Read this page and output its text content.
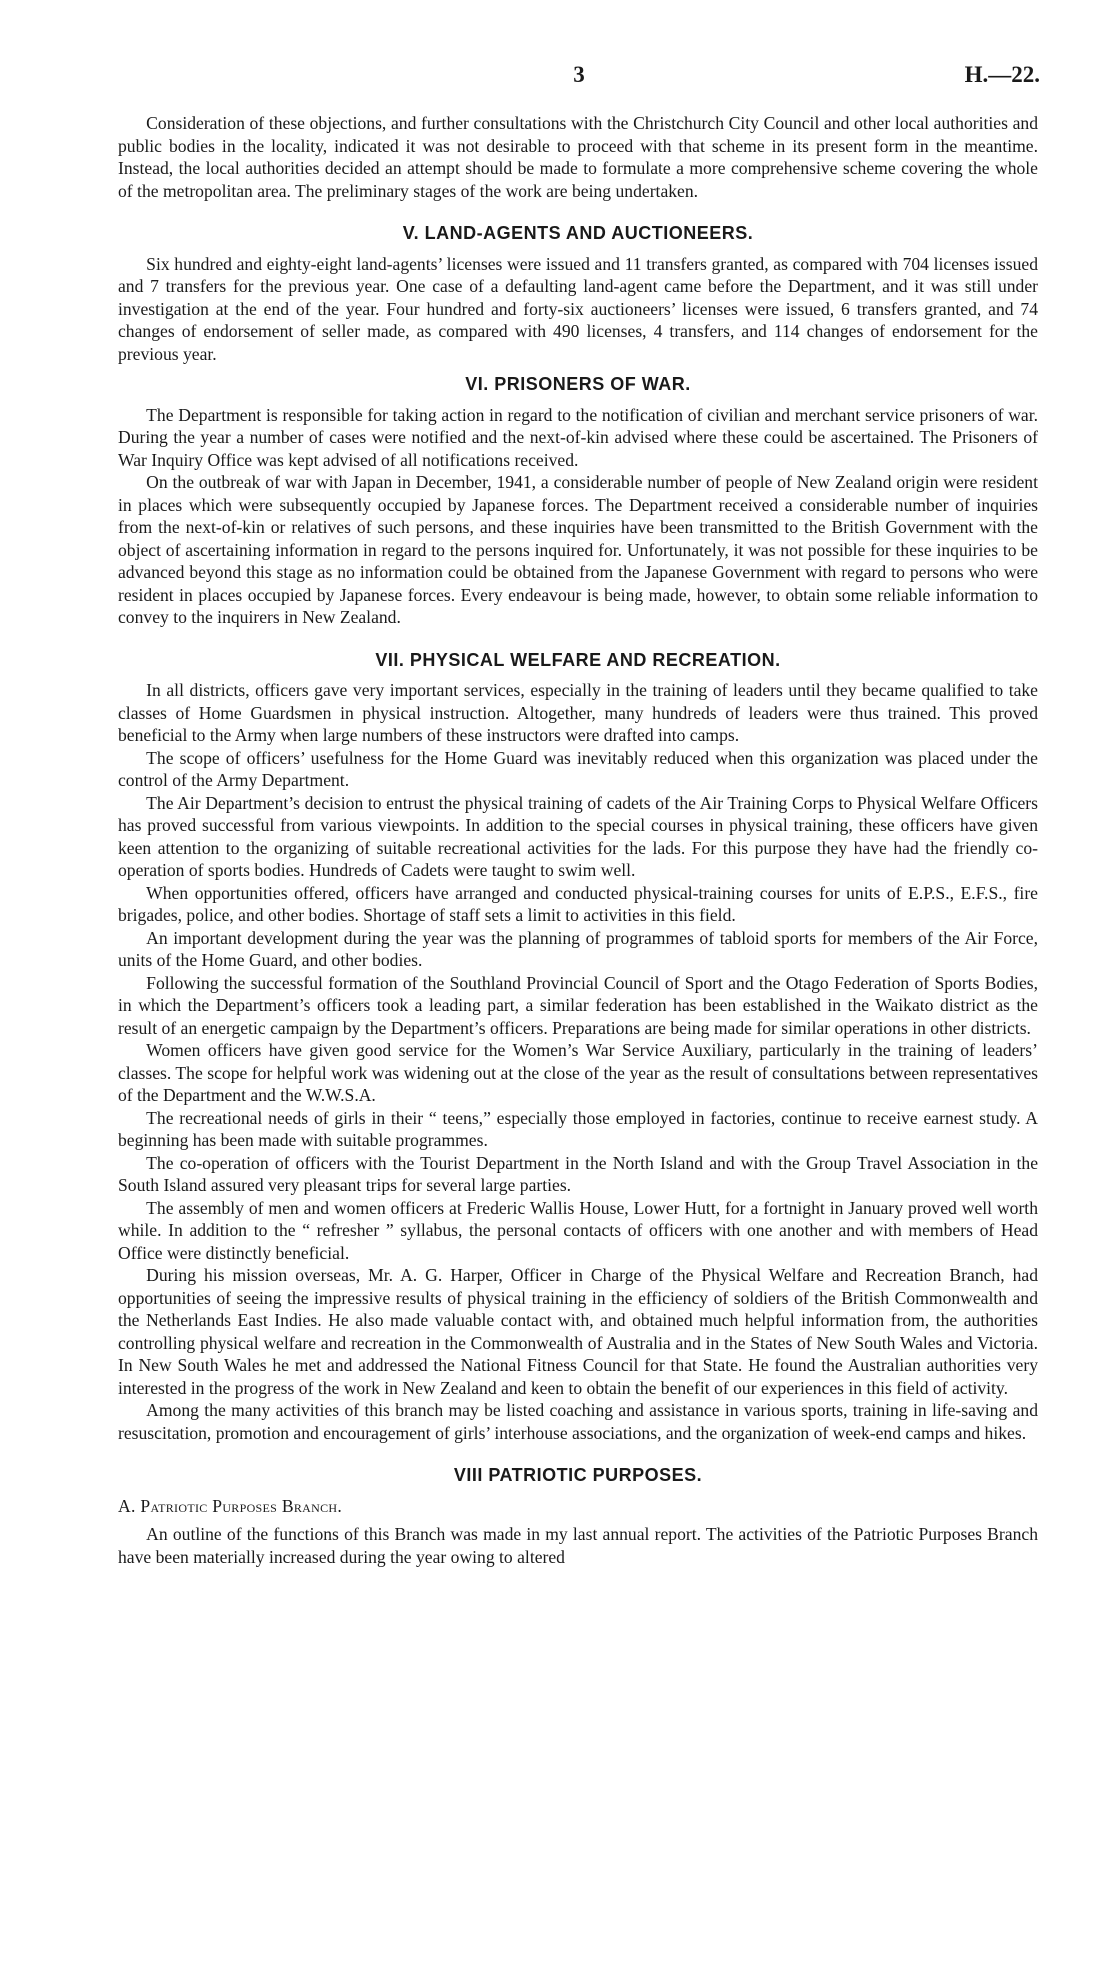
3	H.—22.

Consideration of these objections, and further consultations with the Christchurch City Council and other local authorities and public bodies in the locality, indicated it was not desirable to proceed with that scheme in its present form in the meantime. Instead, the local authorities decided an attempt should be made to formulate a more comprehensive scheme covering the whole of the metropolitan area. The preliminary stages of the work are being undertaken.

V. LAND-AGENTS AND AUCTIONEERS.

Six hundred and eighty-eight land-agents’ licenses were issued and 11 transfers granted, as compared with 704 licenses issued and 7 transfers for the previous year. One case of a defaulting land-agent came before the Department, and it was still under investigation at the end of the year. Four hundred and forty-six auctioneers’ licenses were issued, 6 transfers granted, and 74 changes of endorsement of seller made, as compared with 490 licenses, 4 transfers, and 114 changes of endorsement for the previous year.

VI. PRISONERS OF WAR.

The Department is responsible for taking action in regard to the notification of civilian and merchant service prisoners of war. During the year a number of cases were notified and the next-of-kin advised where these could be ascertained. The Prisoners of War Inquiry Office was kept advised of all notifications received.

On the outbreak of war with Japan in December, 1941, a considerable number of people of New Zealand origin were resident in places which were subsequently occupied by Japanese forces. The Department received a considerable number of inquiries from the next-of-kin or relatives of such persons, and these inquiries have been transmitted to the British Government with the object of ascertaining information in regard to the persons inquired for. Unfortunately, it was not possible for these inquiries to be advanced beyond this stage as no information could be obtained from the Japanese Government with regard to persons who were resident in places occupied by Japanese forces. Every endeavour is being made, however, to obtain some reliable information to convey to the inquirers in New Zealand.

VII. PHYSICAL WELFARE AND RECREATION.

In all districts, officers gave very important services, especially in the training of leaders until they became qualified to take classes of Home Guardsmen in physical instruction. Altogether, many hundreds of leaders were thus trained. This proved beneficial to the Army when large numbers of these instructors were drafted into camps.

The scope of officers’ usefulness for the Home Guard was inevitably reduced when this organization was placed under the control of the Army Department.

The Air Department’s decision to entrust the physical training of cadets of the Air Training Corps to Physical Welfare Officers has proved successful from various viewpoints. In addition to the special courses in physical training, these officers have given keen attention to the organizing of suitable recreational activities for the lads. For this purpose they have had the friendly co-operation of sports bodies. Hundreds of Cadets were taught to swim well.

When opportunities offered, officers have arranged and conducted physical-training courses for units of E.P.S., E.F.S., fire brigades, police, and other bodies. Shortage of staff sets a limit to activities in this field.

An important development during the year was the planning of programmes of tabloid sports for members of the Air Force, units of the Home Guard, and other bodies.

Following the successful formation of the Southland Provincial Council of Sport and the Otago Federation of Sports Bodies, in which the Department’s officers took a leading part, a similar federation has been established in the Waikato district as the result of an energetic campaign by the Department’s officers. Preparations are being made for similar operations in other districts.

Women officers have given good service for the Women’s War Service Auxiliary, particularly in the training of leaders’ classes. The scope for helpful work was widening out at the close of the year as the result of consultations between representatives of the Department and the W.W.S.A.

The recreational needs of girls in their “ teens,” especially those employed in factories, continue to receive earnest study. A beginning has been made with suitable programmes.

The co-operation of officers with the Tourist Department in the North Island and with the Group Travel Association in the South Island assured very pleasant trips for several large parties.

The assembly of men and women officers at Frederic Wallis House, Lower Hutt, for a fortnight in January proved well worth while. In addition to the “ refresher ” syllabus, the personal contacts of officers with one another and with members of Head Office were distinctly beneficial.

During his mission overseas, Mr. A. G. Harper, Officer in Charge of the Physical Welfare and Recreation Branch, had opportunities of seeing the impressive results of physical training in the efficiency of soldiers of the British Commonwealth and the Netherlands East Indies. He also made valuable contact with, and obtained much helpful information from, the authorities controlling physical welfare and recreation in the Commonwealth of Australia and in the States of New South Wales and Victoria. In New South Wales he met and addressed the National Fitness Council for that State. He found the Australian authorities very interested in the progress of the work in New Zealand and keen to obtain the benefit of our experiences in this field of activity.

Among the many activities of this branch may be listed coaching and assistance in various sports, training in life-saving and resuscitation, promotion and encouragement of girls’ interhouse associations, and the organization of week-end camps and hikes.

VIII PATRIOTIC PURPOSES.

A. Patriotic Purposes Branch.

An outline of the functions of this Branch was made in my last annual report. The activities of the Patriotic Purposes Branch have been materially increased during the year owing to altered
